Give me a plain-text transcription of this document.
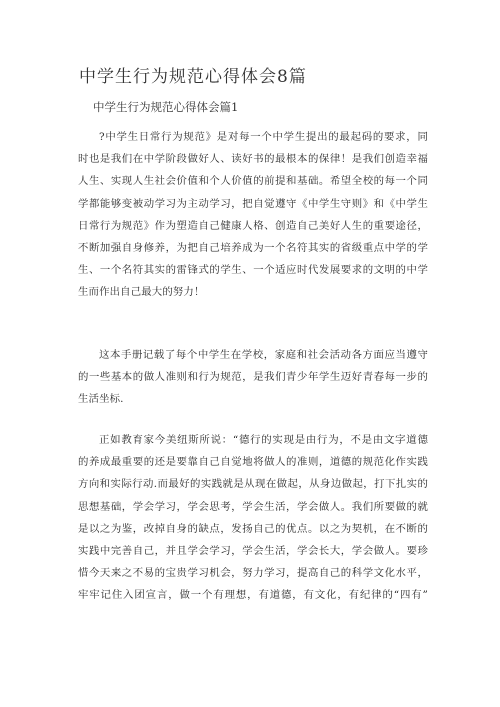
中学生行为规范心得体会8篇
中学生行为规范心得体会篇1
?中学生日常行为规范》是对每一个中学生提出的最起码的要求，同
时也是我们在中学阶段做好人、读好书的最根本的保律！是我们创造幸福
人生、实现人生社会价值和个人价值的前提和基础。希望全校的每一个同
学都能够变被动学习为主动学习，把自觉遵守《中学生守则》和《中学生
日常行为规范》作为塑造自己健康人格、创造自己美好人生的重要途径，
不断加强自身修养，为把自己培养成为一个名符其实的省级重点中学的学
生、一个名符其实的雷锋式的学生、一个适应时代发展要求的文明的中学
生而作出自己最大的努力！
这本手册记载了每个中学生在学校，家庭和社会活动各方面应当遵守
的一些基本的做人准则和行为规范，是我们青少年学生迈好青春每一步的
生活坐标.
正如教育家今美纽斯所说：“德行的实现是由行为，不是由文字道德
的养成最重要的还是要靠自己自觉地将做人的准则，道德的规范化作实践
方向和实际行动.而最好的实践就是从现在做起，从身边做起，打下扎实的
思想基础，学会学习，学会思考，学会生活，学会做人。我们所要做的就
是以之为鉴，改掉自身的缺点，发扬自己的优点。以之为契机，在不断的
实践中完善自己，并且学会学习，学会生活，学会长大，学会做人。要珍
惜今天来之不易的宝贵学习机会，努力学习，提高自己的科学文化水平，
牢牢记住入团宣言，做一个有理想，有道德，有文化，有纪律的“四有”
